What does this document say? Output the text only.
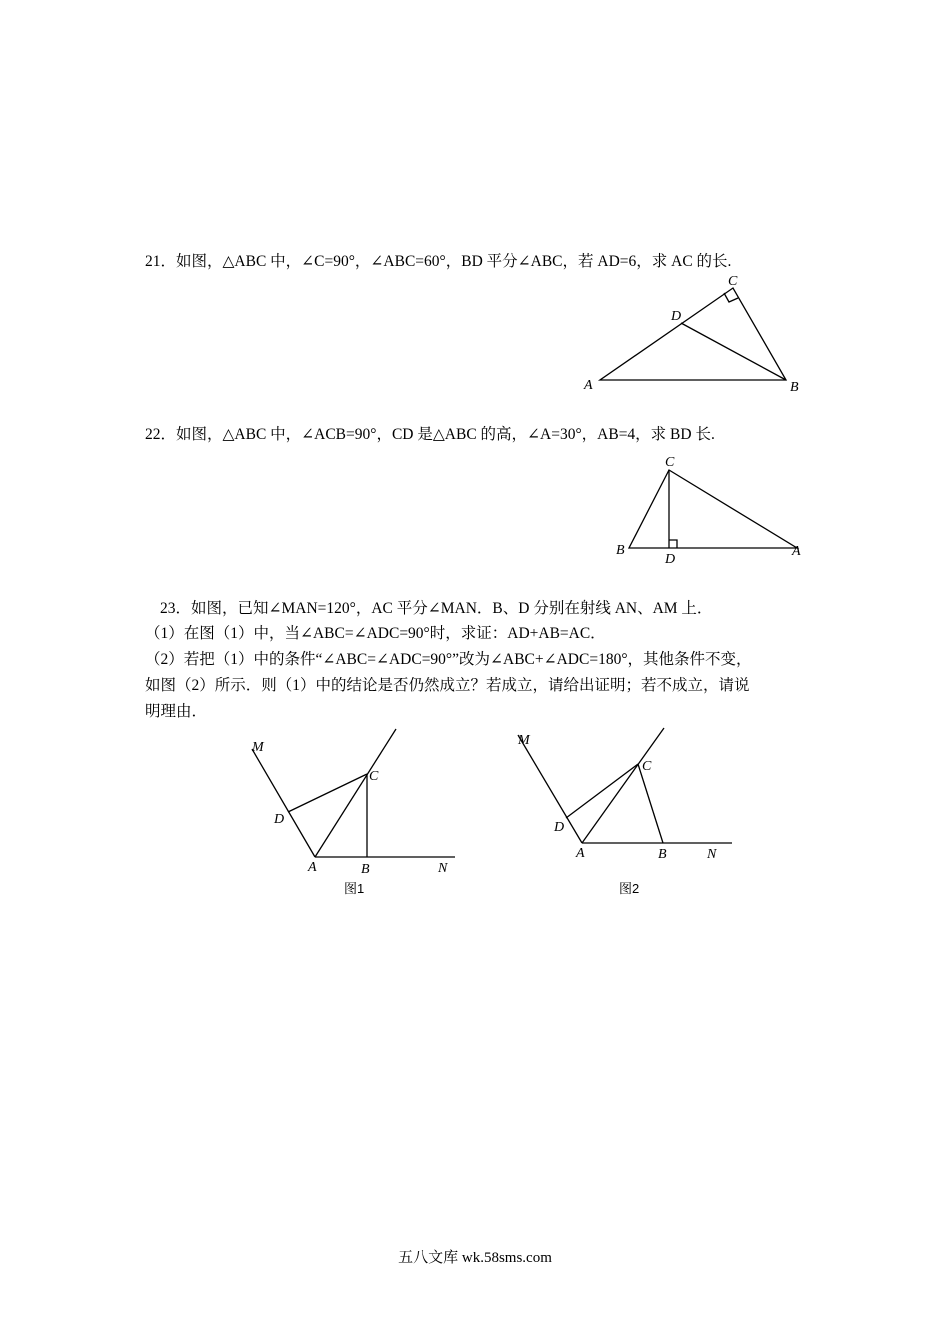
21．如图，△ABC 中，∠C=90°，∠ABC=60°，BD 平分∠ABC，若 AD=6，求 AC 的长.
A	B
C
D
22．如图，△ABC 中，∠ACB=90°，CD 是△ABC 的高，∠A=30°，AB=4，求 BD 长.
B	A
C
D
23．如图，已知∠MAN=120°，AC 平分∠MAN．B、D 分别在射线 AN、AM 上．
（1）在图（1）中，当∠ABC=∠ADC=90°时，求证：AD+AB=AC．
（2）若把（1）中的条件“∠ABC=∠ADC=90°”改为∠ABC+∠ADC=180°，其他条件不变，
如图（2）所示．则（1）中的结论是否仍然成立？若成立，请给出证明；若不成立，请说
明理由．
M
C
D
A	B	N
图1
M
C
D
A	B	N
图2
五八文库 wk.58sms.com
